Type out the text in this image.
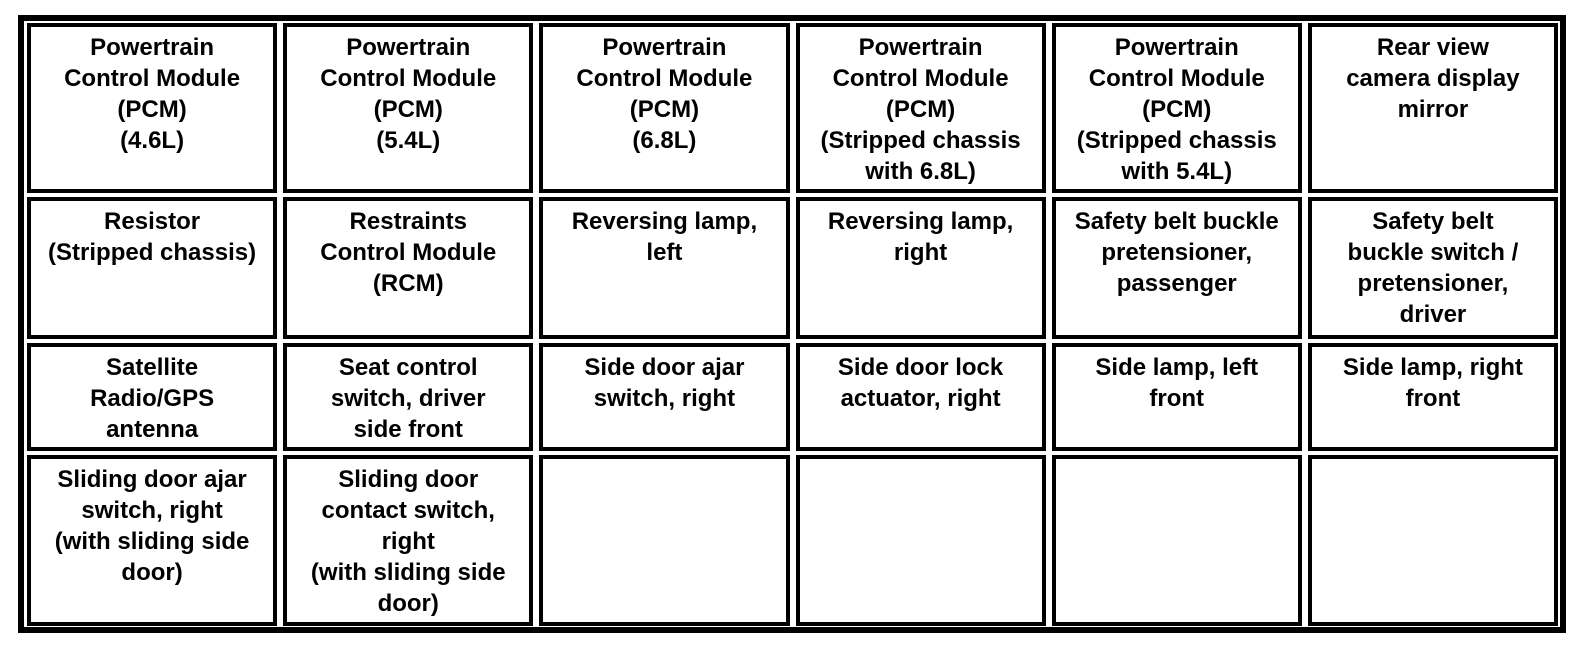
Powertrain
Control Module
(PCM)
(4.6L)
Powertrain
Control Module
(PCM)
(5.4L)
Powertrain
Control Module
(PCM)
(6.8L)
Powertrain
Control Module
(PCM)
(Stripped chassis
with 6.8L)
Powertrain
Control Module
(PCM)
(Stripped chassis
with 5.4L)
Rear view
camera display
mirror
Resistor
(Stripped chassis)
Restraints
Control Module
(RCM)
Reversing lamp,
left
Reversing lamp,
right
Safety belt buckle
pretensioner,
passenger
Safety belt
buckle switch /
pretensioner,
driver
Satellite
Radio/GPS
antenna
Seat control
switch, driver
side front
Side door ajar
switch, right
Side door lock
actuator, right
Side lamp, left
front
Side lamp, right
front
Sliding door ajar
switch, right
(with sliding side
door)
Sliding door
contact switch,
right
(with sliding side
door)
